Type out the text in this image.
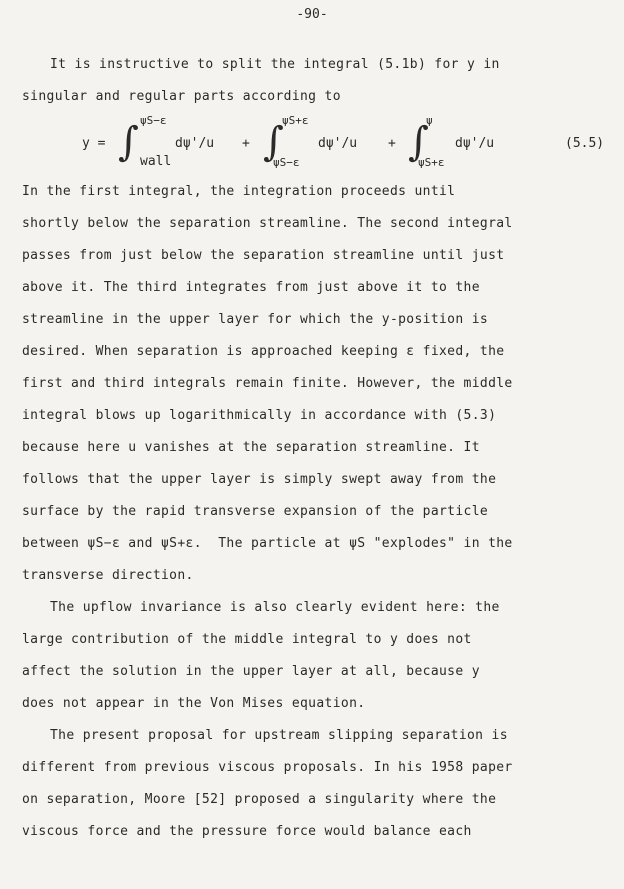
-90-
It is instructive to split the integral (5.1b) for y in
singular and regular parts according to
y = ∫ ψS−ε
wall
dψ'/u + ∫
ψS+ε
ψS−ε
dψ'/u + ∫
ψ
ψS+ε
dψ'/u	(5.5)
In the first integral, the integration proceeds until
shortly below the separation streamline. The second integral
passes from just below the separation streamline until just
above it. The third integrates from just above it to the
streamline in the upper layer for which the y-position is
desired. When separation is approached keeping ε fixed, the
first and third integrals remain finite. However, the middle
integral blows up logarithmically in accordance with (5.3)
because here u vanishes at the separation streamline. It
follows that the upper layer is simply swept away from the
surface by the rapid transverse expansion of the particle
between ψS−ε and ψS+ε.  The particle at ψS "explodes" in the
transverse direction.
The upflow invariance is also clearly evident here: the
large contribution of the middle integral to y does not
affect the solution in the upper layer at all, because y
does not appear in the Von Mises equation.
The present proposal for upstream slipping separation is
different from previous viscous proposals. In his 1958 paper
on separation, Moore [52] proposed a singularity where the
viscous force and the pressure force would balance each
